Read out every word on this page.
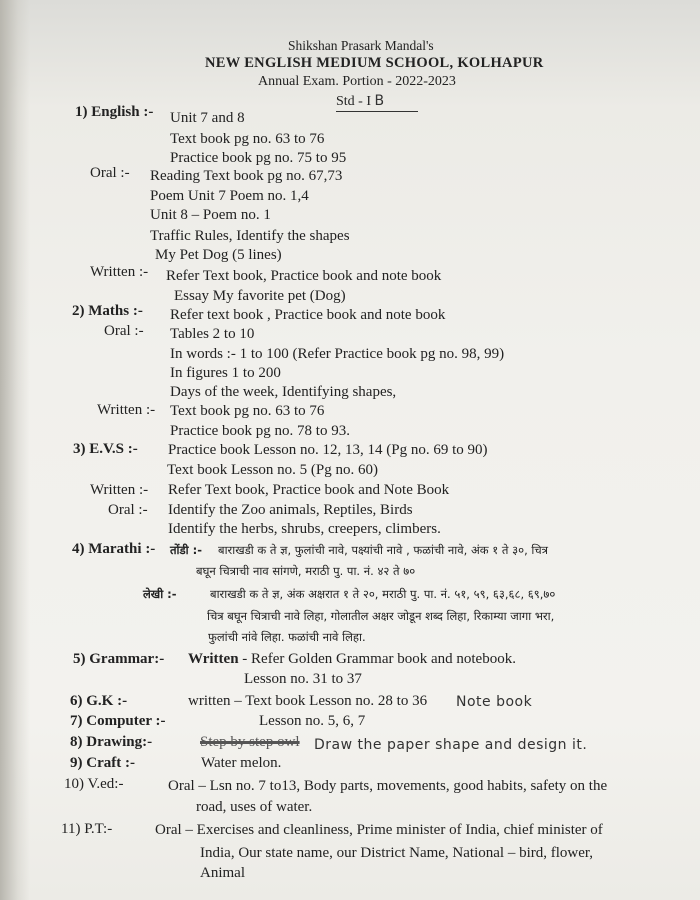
Shikshan Prasark Mandal's
NEW ENGLISH MEDIUM SCHOOL, KOLHAPUR
Annual Exam. Portion - 2022-2023
Std - I B
1) English :- Unit 7 and 8
Text book pg no. 63 to 76
Practice book pg no. 75 to 95
Oral :- Reading Text book pg no. 67,73
Poem Unit 7 Poem no. 1,4
Unit 8 – Poem no. 1
Traffic Rules, Identify the shapes
My Pet Dog (5 lines)
Written :- Refer Text book, Practice book and note book
Essay My favorite pet (Dog)
2) Maths :- Refer text book , Practice book and note book
Oral :- Tables 2 to 10
In words :- 1 to 100 (Refer Practice book pg no. 98, 99)
In figures 1 to 200
Days of the week, Identifying shapes,
Written :- Text book pg no. 63 to 76
Practice book pg no. 78 to 93.
3) E.V.S :- Practice book Lesson no. 12, 13, 14 (Pg no. 69 to 90)
Text book Lesson no. 5 (Pg no. 60)
Written :- Refer Text book, Practice book and Note Book
Oral :- Identify the Zoo animals, Reptiles, Birds
Identify the herbs, shrubs, creepers, climbers.
4) Marathi :- तोंडी :- बाराखडी क ते ज्ञ, फुलांची नावे, पक्ष्यांची नावे , फळांची नावे, अंक १ ते ३०, चित्र
बघून चित्राची नाव सांगणे, मराठी पु. पा. नं. ४२ ते ७०
लेखी :-	बाराखडी क ते ज्ञ, अंक अक्षरात १ ते २०, मराठी पु. पा. नं. ५१, ५९, ६३,६८, ६९,७०
चित्र बघून चित्राची नावे लिहा, गोलातील अक्षर जोडून शब्द लिहा, रिकाम्या जागा भरा,
फुलांची नांवे लिहा. फळांची नावे लिहा.
5) Grammar:- Written - Refer Golden Grammar book and notebook.
Lesson no. 31 to 37
6) G.K :-	written – Text book Lesson no. 28 to 36 Note book
7) Computer :-	Lesson no. 5, 6, 7
8) Drawing:-	Step by step owl Draw the paper shape and design it.
9) Craft :-	Water melon.
10) V.ed:-	Oral – Lsn no. 7 to13, Body parts, movements, good habits, safety on the
road, uses of water.
11) P.T:-	Oral – Exercises and cleanliness, Prime minister of India, chief minister of
India, Our state name, our District Name, National – bird, flower,
Animal
